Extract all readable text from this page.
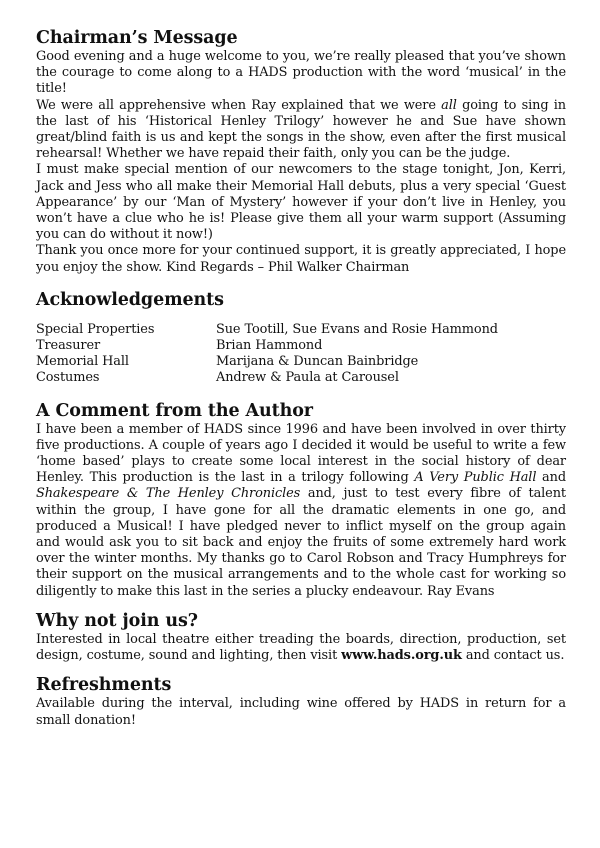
Chairman’s Message

Good evening and a huge welcome to you, we’re really pleased that you’ve shown the courage to come along to a HADS production with the word ‘musical’ in the title!

We were all apprehensive when Ray explained that we were all going to sing in the last of his ‘Historical Henley Trilogy’ however he and Sue have shown great/blind faith is us and kept the songs in the show, even after the first musical rehearsal! Whether we have repaid their faith, only you can be the judge.

I must make special mention of our newcomers to the stage tonight, Jon, Kerri, Jack and Jess who all make their Memorial Hall debuts, plus a very special ‘Guest Appearance’ by our ‘Man of Mystery’ however if your don’t live in Henley, you won’t have a clue who he is! Please give them all your warm support (Assuming you can do without it now!)

Thank you once more for your continued support, it is greatly appreciated, I hope you enjoy the show. Kind Regards – Phil Walker Chairman

Acknowledgements
Special Properties	Sue Tootill, Sue Evans and Rosie Hammond
Treasurer	Brian Hammond
Memorial Hall	Marijana & Duncan Bainbridge
Costumes	Andrew & Paula at Carousel
A Comment from the Author

I have been a member of HADS since 1996 and have been involved in over thirty five productions. A couple of years ago I decided it would be useful to write a few ‘home based’ plays to create some local interest in the social history of dear Henley. This production is the last in a trilogy following A Very Public Hall and Shakespeare & The Henley Chronicles and, just to test every fibre of talent within the group, I have gone for all the dramatic elements in one go, and produced a Musical! I have pledged never to inflict myself on the group again and would ask you to sit back and enjoy the fruits of some extremely hard work over the winter months. My thanks go to Carol Robson and Tracy Humphreys for their support on the musical arrangements and to the whole cast for working so diligently to make this last in the series a plucky endeavour. Ray Evans

Why not join us?

Interested in local theatre either treading the boards, direction, production, set design, costume, sound and lighting, then visit www.hads.org.uk and contact us.

Refreshments

Available during the interval, including wine offered by HADS in return for a small donation!
